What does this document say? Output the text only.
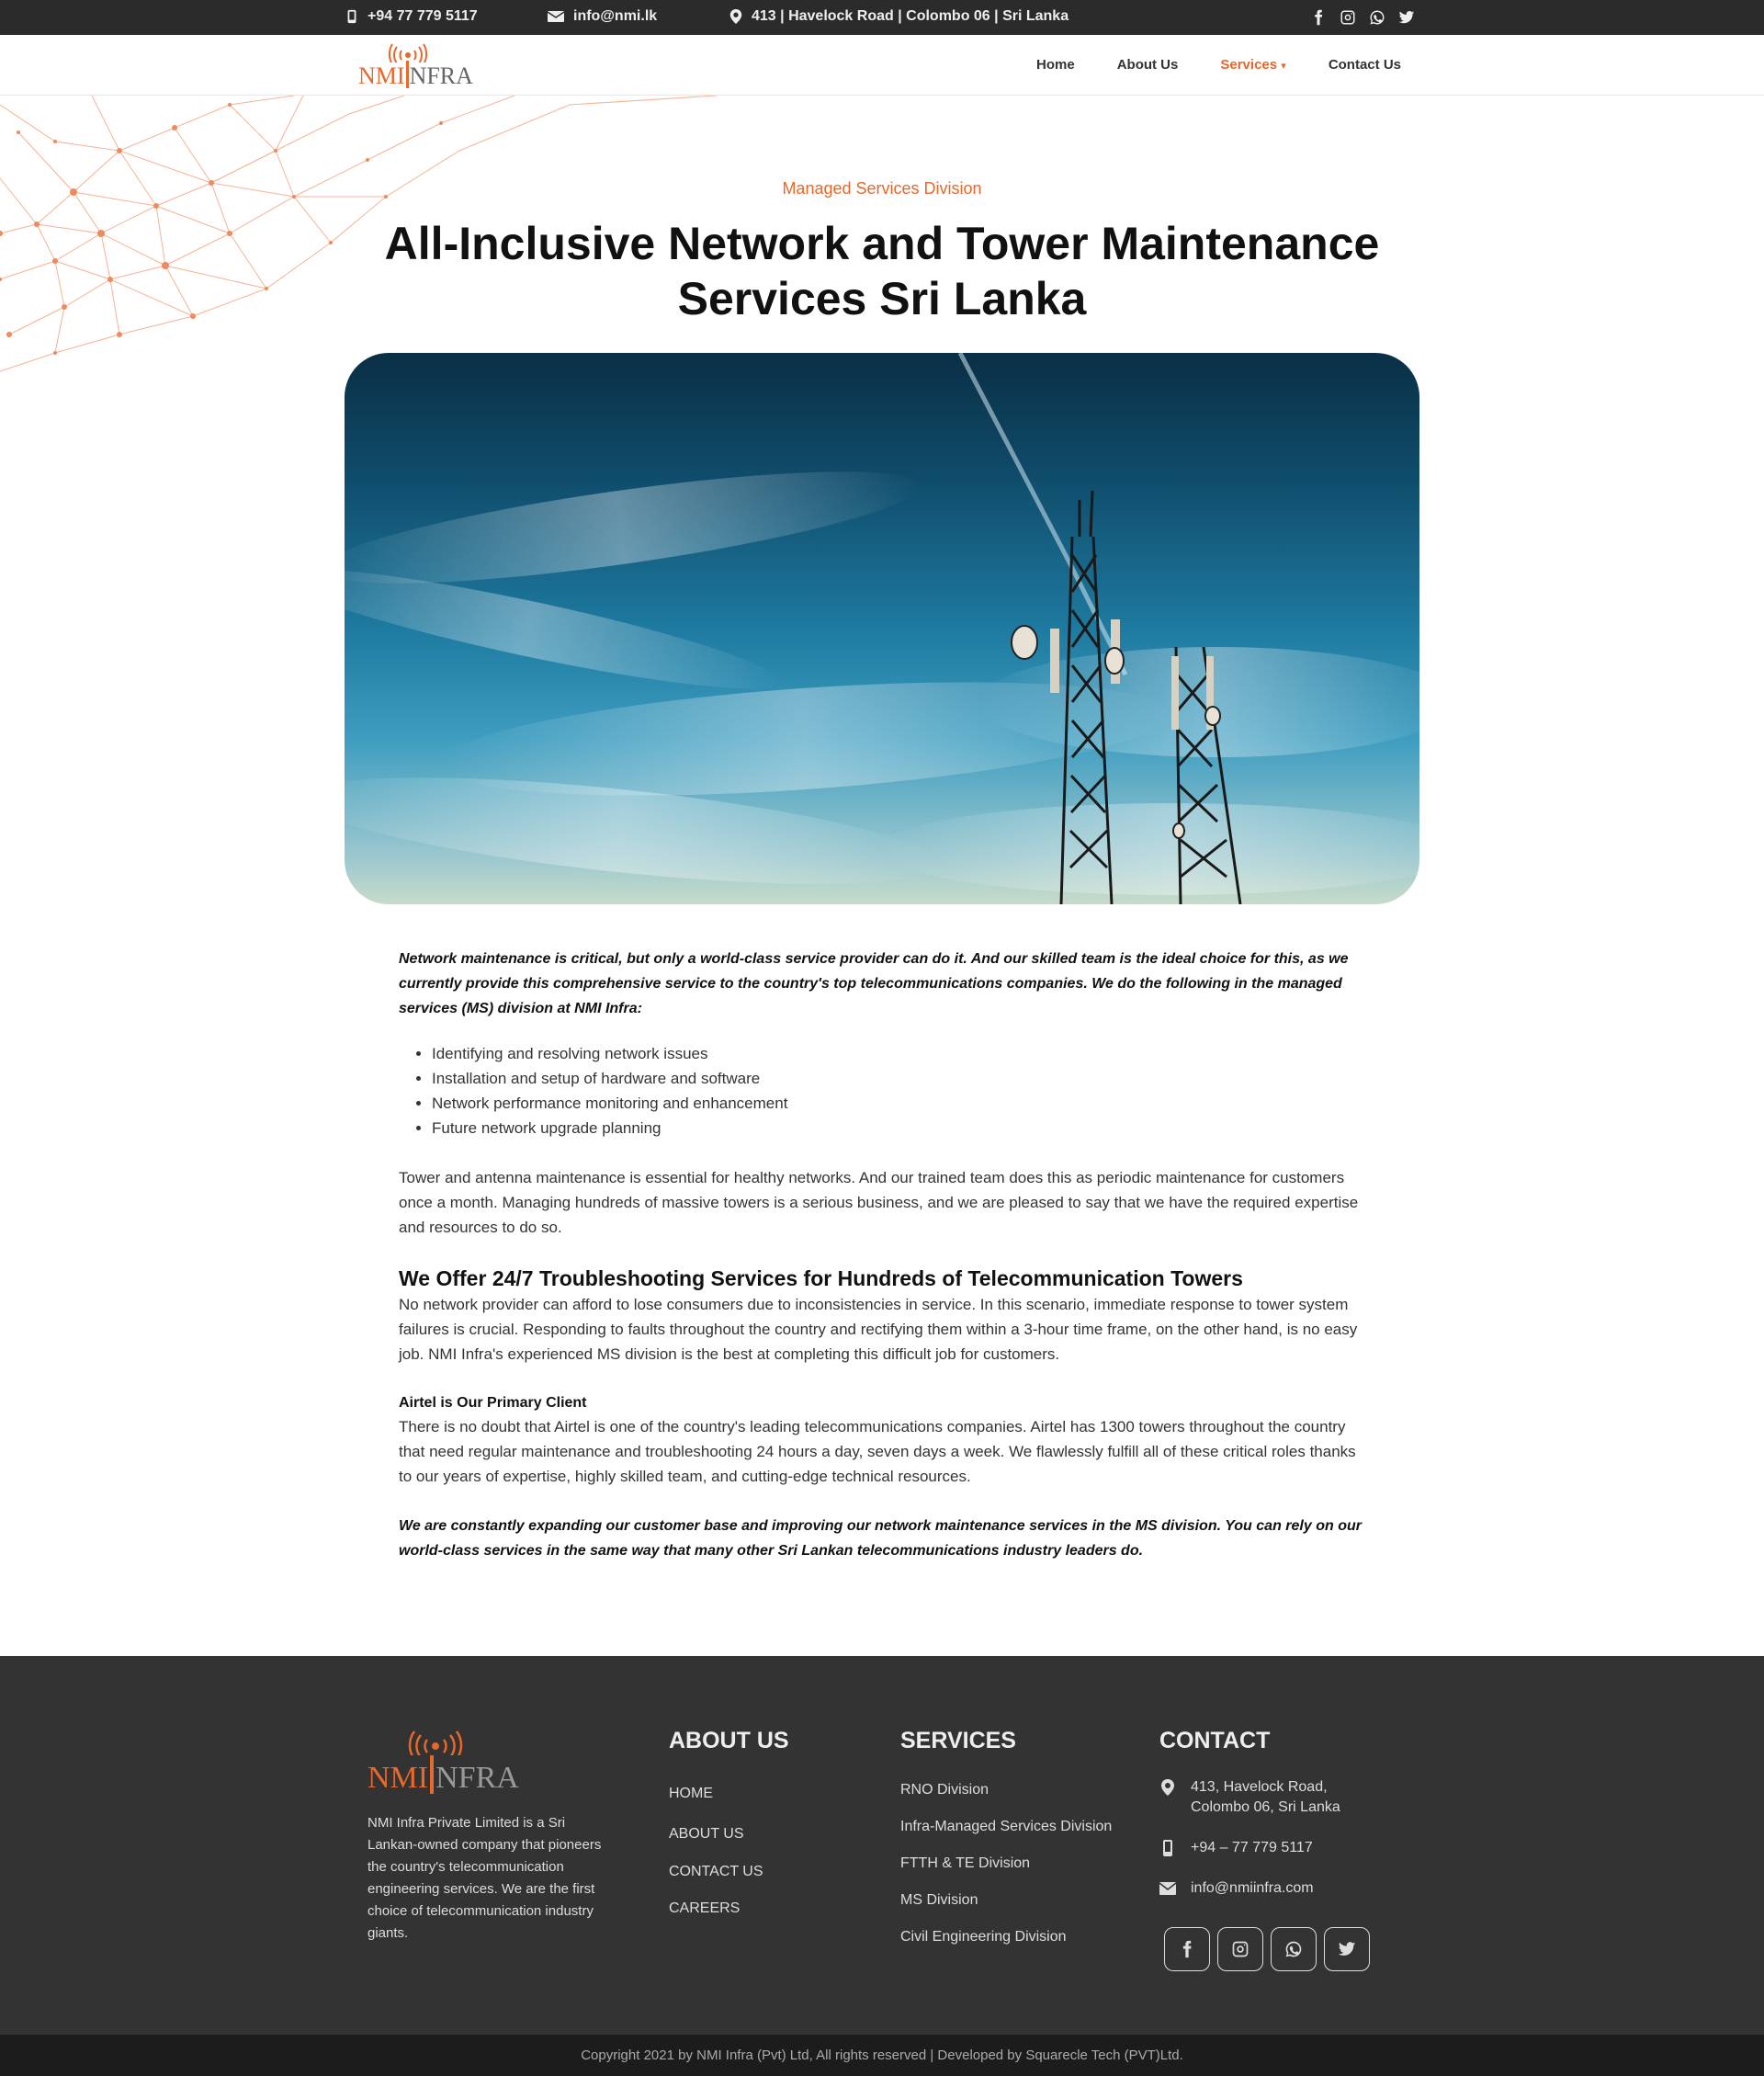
+94 77 779 5117	info@nmi.lk	413 | Havelock Road | Colombo 06 | Sri Lanka
NMI NFRA	Home	About Us	Services ▾	Contact Us
Managed Services Division
All-Inclusive Network and Tower Maintenance
Services Sri Lanka

Network maintenance is critical, but only a world-class service provider can do it. And our skilled team is the ideal choice for this, as we currently provide this comprehensive service to the country's top telecommunications companies. We do the following in the managed services (MS) division at NMI Infra:

• Identifying and resolving network issues
• Installation and setup of hardware and software
• Network performance monitoring and enhancement
• Future network upgrade planning

Tower and antenna maintenance is essential for healthy networks. And our trained team does this as periodic maintenance for customers once a month. Managing hundreds of massive towers is a serious business, and we are pleased to say that we have the required expertise and resources to do so.

We Offer 24/7 Troubleshooting Services for Hundreds of Telecommunication Towers

No network provider can afford to lose consumers due to inconsistencies in service. In this scenario, immediate response to tower system failures is crucial. Responding to faults throughout the country and rectifying them within a 3-hour time frame, on the other hand, is no easy job. NMI Infra's experienced MS division is the best at completing this difficult job for customers.

Airtel is Our Primary Client

There is no doubt that Airtel is one of the country's leading telecommunications companies. Airtel has 1300 towers throughout the country that need regular maintenance and troubleshooting 24 hours a day, seven days a week. We flawlessly fulfill all of these critical roles thanks to our years of expertise, highly skilled team, and cutting-edge technical resources.

We are constantly expanding our customer base and improving our network maintenance services in the MS division. You can rely on our world-class services in the same way that many other Sri Lankan telecommunications industry leaders do.

NMI NFRA

NMI Infra Private Limited is a Sri Lankan-owned company that pioneers the country's telecommunication engineering services. We are the first choice of telecommunication industry giants.

ABOUT US
HOME
ABOUT US
CONTACT US
CAREERS
SERVICES
RNO Division
Infra-Managed Services Division
FTTH & TE Division
MS Division
Civil Engineering Division
CONTACT
413, Havelock Road,
Colombo 06, Sri Lanka
+94 – 77 779 5117
info@nmiinfra.com
Copyright 2021 by NMI Infra (Pvt) Ltd, All rights reserved | Developed by Squarecle Tech (PVT)Ltd.
